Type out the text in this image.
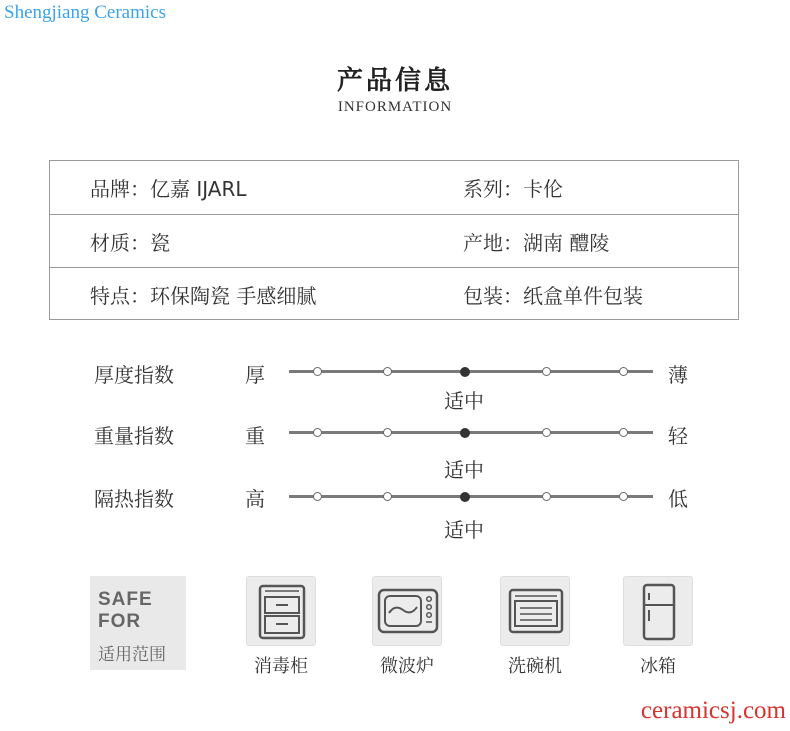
Shengjiang Ceramics
产品信息
INFORMATION
品牌：亿嘉 IJARL	系列：卡伦
材质：瓷	产地：湖南 醴陵
特点：环保陶瓷 手感细腻	包装：纸盒单件包装
厚度指数	厚	薄
适中
重量指数	重	轻
适中
隔热指数	高	低
适中
SAFE
FOR
适用范围
消毒柜	微波炉	洗碗机	冰箱
ceramicsj.com
